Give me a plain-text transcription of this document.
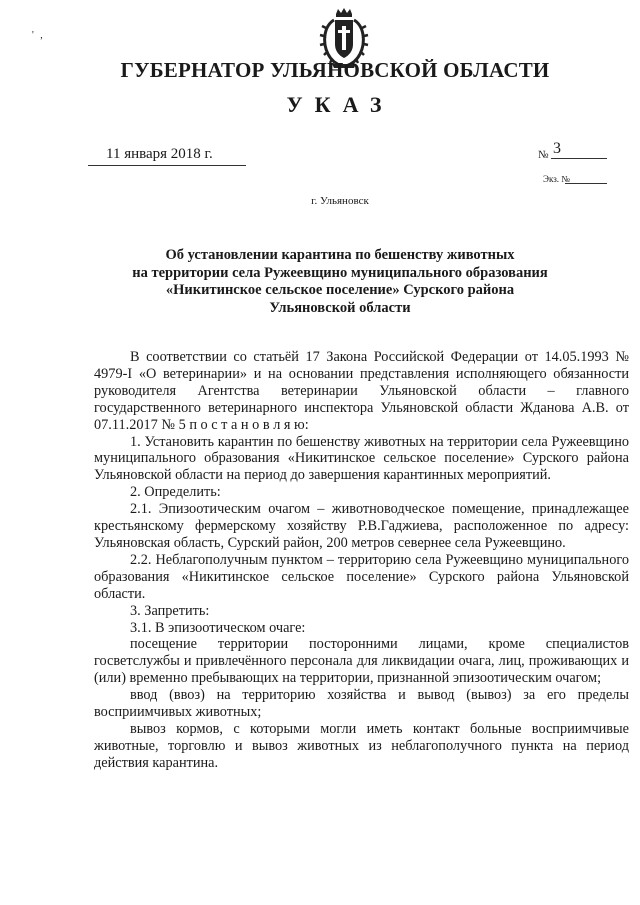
' ,
ГУБЕРНАТОР УЛЬЯНОВСКОЙ ОБЛАСТИ
УКАЗ
11 января 2018 г.	№ 3
Экз. №
г. Ульяновск
Об установлении карантина по бешенству животных
на территории села Ружеевщино муниципального образования
«Никитинское сельское поселение» Сурского района
Ульяновской области

В соответствии со статьёй 17 Закона Российской Федерации от 14.05.1993 № 4979-I «О ветеринарии» и на основании представления исполняющего обязанности руководителя Агентства ветеринарии Ульяновской области – главного государственного ветеринарного инспектора Ульяновской области Жданова А.В. от 07.11.2017 № 5 п о с т а н о в л я ю:

1. Установить карантин по бешенству животных на территории села Ружеевщино муниципального образования «Никитинское сельское поселение» Сурского района Ульяновской области на период до завершения карантинных мероприятий.

2. Определить:

2.1. Эпизоотическим очагом – животноводческое помещение, принадлежащее крестьянскому фермерскому хозяйству Р.В.Гаджиева, расположенное по адресу: Ульяновская область, Сурский район, 200 метров севернее села Ружеевщино.

2.2. Неблагополучным пунктом – территорию села Ружеевщино муниципального образования «Никитинское сельское поселение» Сурского района Ульяновской области.

3. Запретить:

3.1. В эпизоотическом очаге:

посещение территории посторонними лицами, кроме специалистов госветслужбы и привлечённого персонала для ликвидации очага, лиц, проживающих и (или) временно пребывающих на территории, признанной эпизоотическим очагом;

ввод (ввоз) на территорию хозяйства и вывод (вывоз) за его пределы восприимчивых животных;

вывоз кормов, с которыми могли иметь контакт больные восприимчивые животные, торговлю и вывоз животных из неблагополучного пункта на период действия карантина.
